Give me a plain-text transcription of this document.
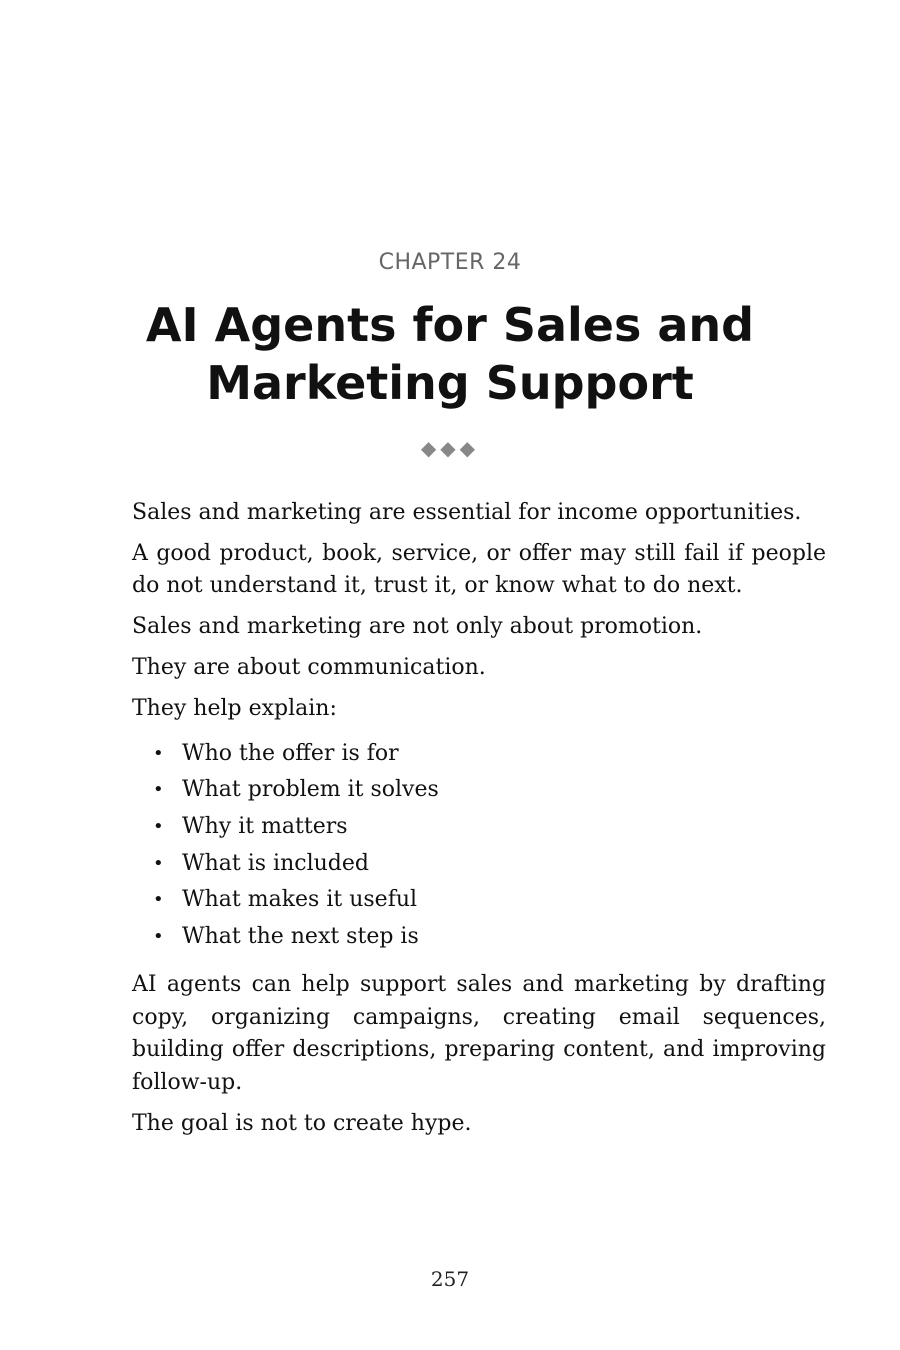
CHAPTER 24
AI Agents for Sales and Marketing Support
◆◆◆

Sales and marketing are essential for income opportunities.

A good product, book, service, or offer may still fail if people do not understand it, trust it, or know what to do next.

Sales and marketing are not only about promotion.

They are about communication.

They help explain:

• Who the offer is for
• What problem it solves
• Why it matters
• What is included
• What makes it useful
• What the next step is

AI agents can help support sales and marketing by drafting copy, organizing campaigns, creating email sequences, building offer descriptions, preparing content, and improving follow-up.

The goal is not to create hype.

257
